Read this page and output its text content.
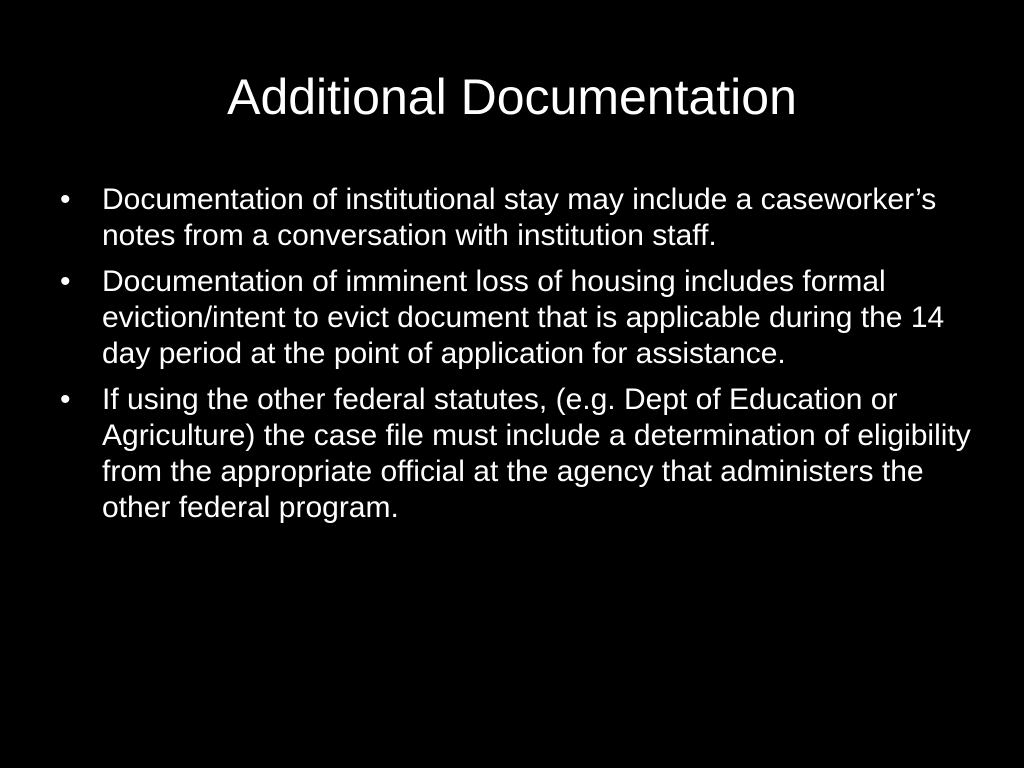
Additional Documentation
•	Documentation of institutional stay may include a caseworker’s notes from a conversation with institution staff.
•	Documentation of imminent loss of housing includes formal eviction/intent to evict document that is applicable during the 14 day period at the point of application for assistance.
•	If using the other federal statutes, (e.g. Dept of Education or Agriculture) the case file must include a determination of eligibility from the appropriate official at the agency that administers the other federal program.
